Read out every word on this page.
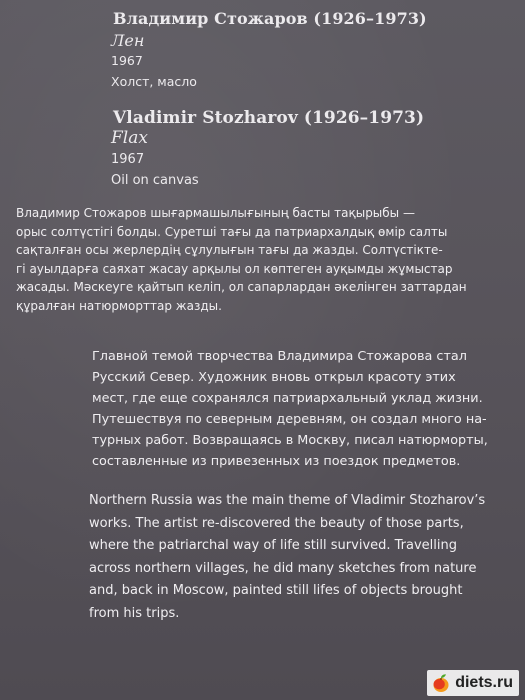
Владимир Стожаров (1926–1973)
Лен
1967
Холст, масло
Vladimir Stozharov (1926–1973)
Flax
1967
Oil on canvas
Владимир Стожаров шығармашылығының басты тақырыбы —
орыс солтүстігі болды. Суретші тағы да патриархалдық өмір салты
сақталған осы жерлердің сұлулығын тағы да жазды. Солтүстікте-
гі ауылдарға саяхат жасау арқылы ол көптеген ауқымды жұмыстар
жасады. Мәскеуге қайтып келіп, ол сапарлардан әкелінген заттардан
құралған натюрморттар жазды.
Главной темой творчества Владимира Стожарова стал
Русский Север. Художник вновь открыл красоту этих
мест, где еще сохранялся патриархальный уклад жизни.
Путешествуя по северным деревням, он создал много на-
турных работ. Возвращаясь в Москву, писал натюрморты,
составленные из привезенных из поездок предметов.
Northern Russia was the main theme of Vladimir Stozharov’s
works. The artist re-discovered the beauty of those parts,
where the patriarchal way of life still survived. Travelling
across northern villages, he did many sketches from nature
and, back in Moscow, painted still lifes of objects brought
from his trips.
diets.ru
